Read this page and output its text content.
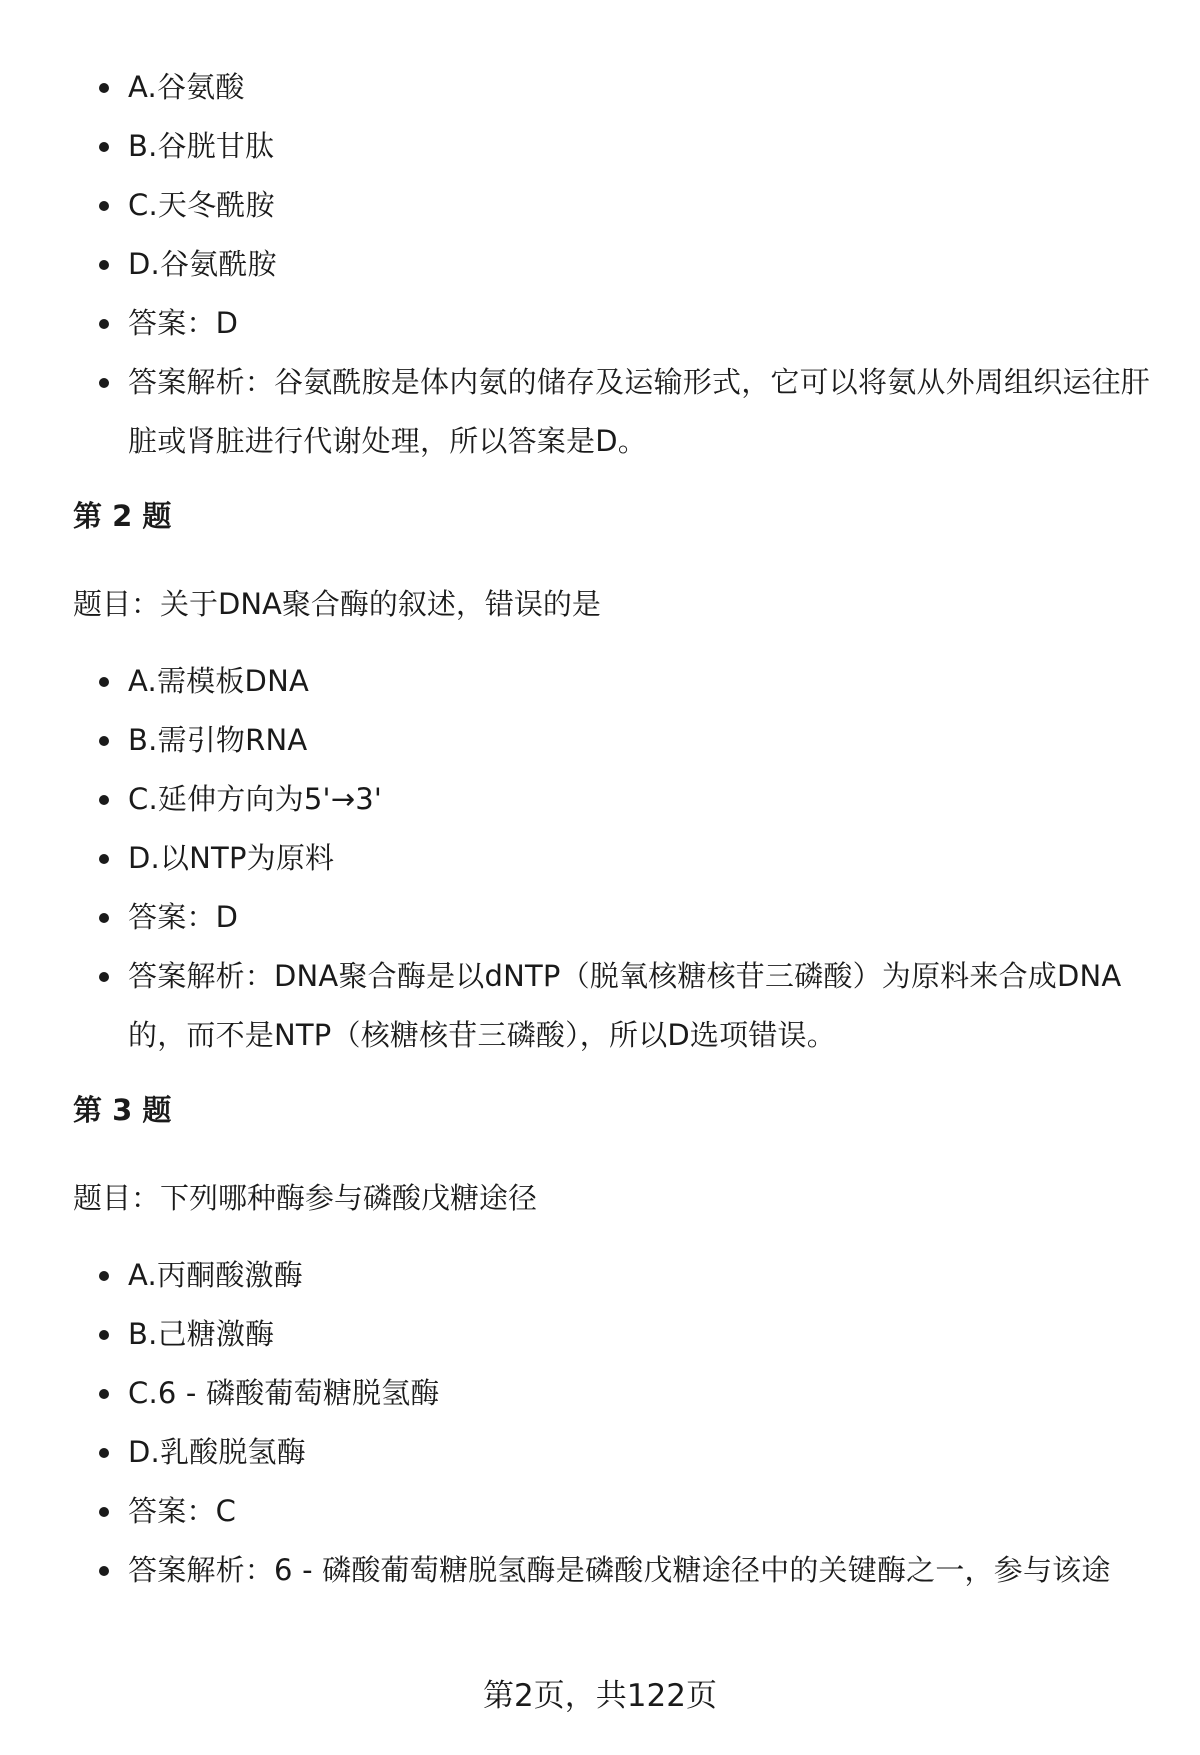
A.谷氨酸
B.谷胱甘肽
C.天冬酰胺
D.谷氨酰胺
答案：D
答案解析：谷氨酰胺是体内氨的储存及运输形式，它可以将氨从外周组织运往肝脏或肾脏进行代谢处理，所以答案是D。
第 2 题
题目：关于DNA聚合酶的叙述，错误的是
A.需模板DNA
B.需引物RNA
C.延伸方向为5'→3'
D.以NTP为原料
答案：D
答案解析：DNA聚合酶是以dNTP（脱氧核糖核苷三磷酸）为原料来合成DNA的，而不是NTP（核糖核苷三磷酸），所以D选项错误。
第 3 题
题目：下列哪种酶参与磷酸戊糖途径
A.丙酮酸激酶
B.己糖激酶
C.6 - 磷酸葡萄糖脱氢酶
D.乳酸脱氢酶
答案：C
答案解析：6 - 磷酸葡萄糖脱氢酶是磷酸戊糖途径中的关键酶之一，参与该途
第2页，共122页
